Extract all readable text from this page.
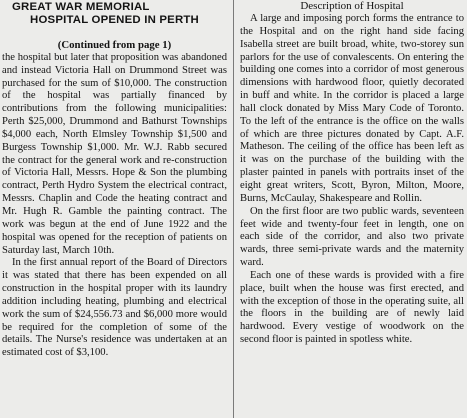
GREAT WAR MEMORIAL
HOSPITAL OPENED IN PERTH
(Continued from page 1)

the hospital but later that proposition was abandoned and instead Victoria Hall on Drummond Street was purchased for the sum of $10,000. The construction of the hospital was partially financed by contributions from the following municipalities: Perth $25,000, Drummond and Bathurst Townships $4,000 each, North Elmsley Township $1,500 and Burgess Township $1,000. Mr. W.J. Rabb secured the contract for the general work and re-construction of Victoria Hall, Messrs. Hope & Son the plumbing contract, Perth Hydro System the electrical contract, Messrs. Chaplin and Code the heating contract and Mr. Hugh R. Gamble the painting contract. The work was begun at the end of June 1922 and the hospital was opened for the reception of patients on Saturday last, March 10th.

In the first annual report of the Board of Directors it was stated that there has been expended on all construction in the hospital proper with its laundry addition including heating, plumbing and electrical work the sum of $24,556.73 and $6,000 more would be required for the completion of some of the details. The Nurse's residence was undertaken at an estimated cost of $3,100.

Description of Hospital

A large and imposing porch forms the entrance to the Hospital and on the right hand side facing Isabella street are built broad, white, two-storey sun parlors for the use of convalescents. On entering the building one comes into a corridor of most generous dimensions with hardwood floor, quietly decorated in buff and white. In the corridor is placed a large hall clock donated by Miss Mary Code of Toronto. To the left of the entrance is the office on the walls of which are three pictures donated by Capt. A.F. Matheson. The ceiling of the office has been left as it was on the purchase of the building with the plaster painted in panels with portraits inset of the eight great writers, Scott, Byron, Milton, Moore, Burns, McCaulay, Shakespeare and Rollin.

On the first floor are two public wards, seventeen feet wide and twenty-four feet in length, one on each side of the corridor, and also two private wards, three semi-private wards and the maternity ward.

Each one of these wards is provided with a fire place, built when the house was first erected, and with the exception of those in the operating suite, all the floors in the building are of newly laid hardwood. Every vestige of woodwork on the second floor is painted in spotless white.
